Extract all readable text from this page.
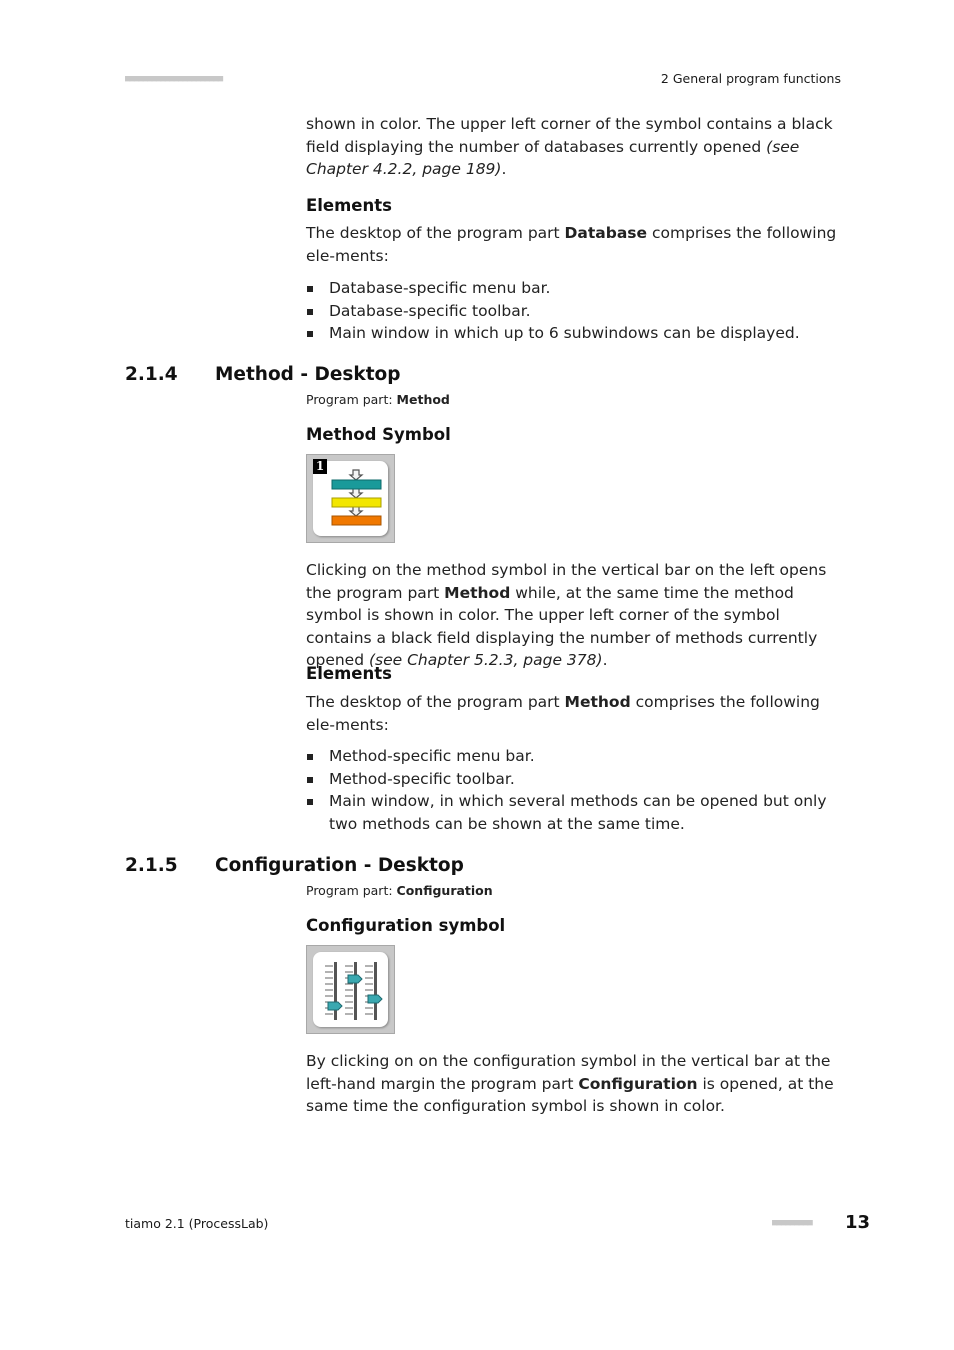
■■■■■■■■■■■■■■■■■■■■■■	2 General program functions

shown in color. The upper left corner of the symbol contains a black field displaying the number of databases currently opened (see Chapter 4.2.2, page 189).

Elements

The desktop of the program part Database comprises the following ele-ments:

Database-specific menu bar.
Database-specific toolbar.
Main window in which up to 6 subwindows can be displayed.
2.1.4 Method - Desktop
Program part: Method
Method Symbol
1

Clicking on the method symbol in the vertical bar on the left opens the program part Method while, at the same time the method symbol is shown in color. The upper left corner of the symbol contains a black field displaying the number of methods currently opened (see Chapter 5.2.3, page 378).

Elements

The desktop of the program part Method comprises the following ele-ments:

Method-specific menu bar.
Method-specific toolbar.
Main window, in which several methods can be opened but only two methods can be shown at the same time.
2.1.5 Configuration - Desktop
Program part: Configuration
Configuration symbol

By clicking on on the configuration symbol in the vertical bar at the left-hand margin the program part Configuration is opened, at the same time the configuration symbol is shown in color.

tiamo 2.1 (ProcessLab)	■■■■■■■■■ 13
